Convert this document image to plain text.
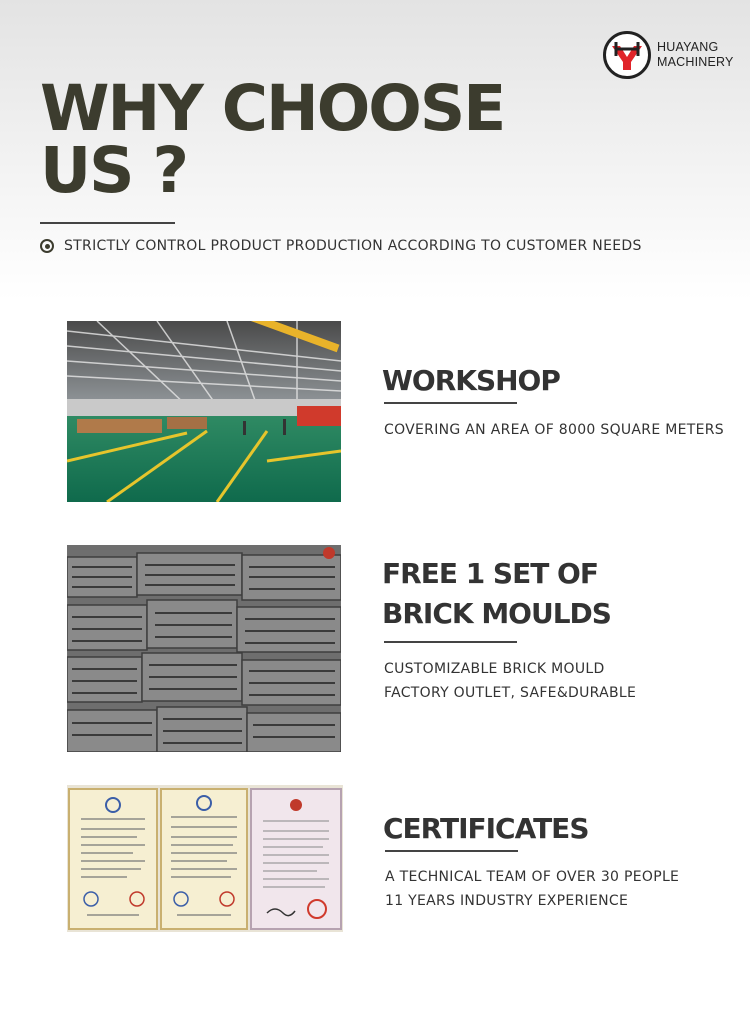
HUAYANG
MACHINERY
WHY CHOOSE
US ?
STRICTLY CONTROL PRODUCT PRODUCTION ACCORDING TO CUSTOMER NEEDS
WORKSHOP
COVERING AN AREA OF 8000 SQUARE METERS
FREE 1 SET OF
BRICK MOULDS
CUSTOMIZABLE BRICK MOULD
FACTORY OUTLET, SAFE&DURABLE
CERTIFICATES
A TECHNICAL TEAM OF OVER 30 PEOPLE
11 YEARS INDUSTRY EXPERIENCE
